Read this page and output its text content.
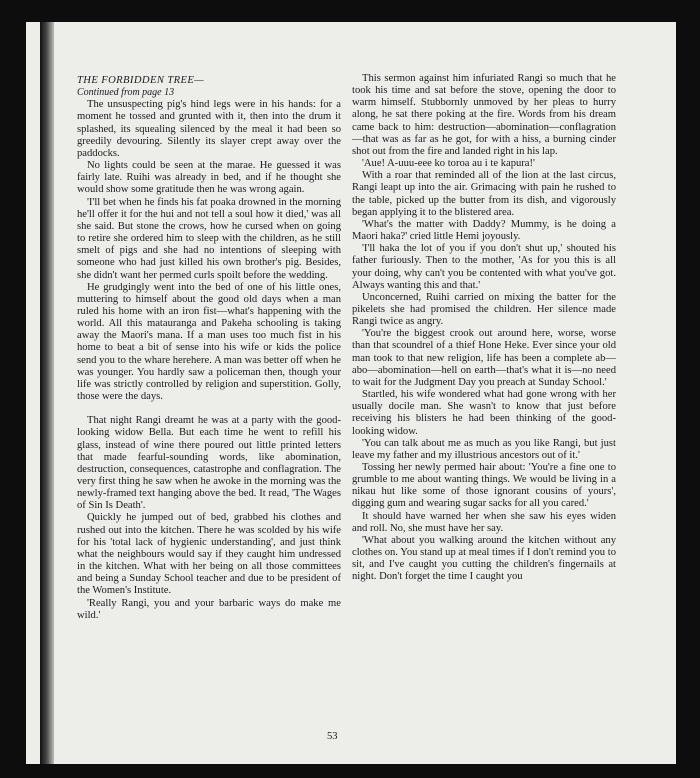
THE FORBIDDEN TREE—

Continued from page 13

The unsuspecting pig's hind legs were in his hands: for a moment he tossed and grunted with it, then into the drum it splashed, its squealing silenced by the meal it had been so greedily devouring. Silently its slayer crept away over the paddocks.

No lights could be seen at the marae. He guessed it was fairly late. Ruihi was already in bed, and if he thought she would show some gratitude then he was wrong again.

'I'll bet when he finds his fat poaka drowned in the morning he'll offer it for the hui and not tell a soul how it died,' was all she said. But stone the crows, how he cursed when on going to retire she ordered him to sleep with the children, as he still smelt of pigs and she had no intentions of sleeping with someone who had just killed his own brother's pig. Besides, she didn't want her permed curls spoilt before the wedding.

He grudgingly went into the bed of one of his little ones, muttering to himself about the good old days when a man ruled his home with an iron fist—what's happening with the world. All this matauranga and Pakeha schooling is taking away the Maori's mana. If a man uses too much fist in his home to beat a bit of sense into his wife or kids the police send you to the whare herehere. A man was better off when he was younger. You hardly saw a policeman then, though your life was strictly controlled by religion and superstition. Golly, those were the days.

That night Rangi dreamt he was at a party with the good-looking widow Bella. But each time he went to refill his glass, instead of wine there poured out little printed letters that made fearful-sounding words, like abomination, destruction, consequences, catastrophe and conflagration. The very first thing he saw when he awoke in the morning was the newly-framed text hanging above the bed. It read, 'The Wages of Sin Is Death'.

Quickly he jumped out of bed, grabbed his clothes and rushed out into the kitchen. There he was scolded by his wife for his 'total lack of hygienic understanding', and just think what the neighbours would say if they caught him undressed in the kitchen. What with her being on all those committees and being a Sunday School teacher and due to be president of the Women's Institute.

'Really Rangi, you and your barbaric ways do make me wild.'

This sermon against him infuriated Rangi so much that he took his time and sat before the stove, opening the door to warm himself. Stubbornly unmoved by her pleas to hurry along, he sat there poking at the fire. Words from his dream came back to him: destruction—abomination—conflagration—that was as far as he got, for with a hiss, a burning cinder shot out from the fire and landed right in his lap.

'Aue! A-uuu-eee ko toroa au i te kapura!'

With a roar that reminded all of the lion at the last circus, Rangi leapt up into the air. Grimacing with pain he rushed to the table, picked up the butter from its dish, and vigorously began applying it to the blistered area.

'What's the matter with Daddy? Mummy, is he doing a Maori haka?' cried little Hemi joyously.

'I'll haka the lot of you if you don't shut up,' shouted his father furiously. Then to the mother, 'As for you this is all your doing, why can't you be contented with what you've got. Always wanting this and that.'

Unconcerned, Ruihi carried on mixing the batter for the pikelets she had promised the children. Her silence made Rangi twice as angry.

'You're the biggest crook out around here, worse, worse than that scoundrel of a thief Hone Heke. Ever since your old man took to that new religion, life has been a complete ab—abo—abomination—hell on earth—that's what it is—no need to wait for the Judgment Day you preach at Sunday School.'

Startled, his wife wondered what had gone wrong with her usually docile man. She wasn't to know that just before receiving his blisters he had been thinking of the good-looking widow.

'You can talk about me as much as you like Rangi, but just leave my father and my illustrious ancestors out of it.'

Tossing her newly permed hair about: 'You're a fine one to grumble to me about wanting things. We would be living in a nikau hut like some of those ignorant cousins of yours', digging gum and wearing sugar sacks for all you cared.'

It should have warned her when she saw his eyes widen and roll. No, she must have her say.

'What about you walking around the kitchen without any clothes on. You stand up at meal times if I don't remind you to sit, and I've caught you cutting the children's fingernails at night. Don't forget the time I caught you

53
